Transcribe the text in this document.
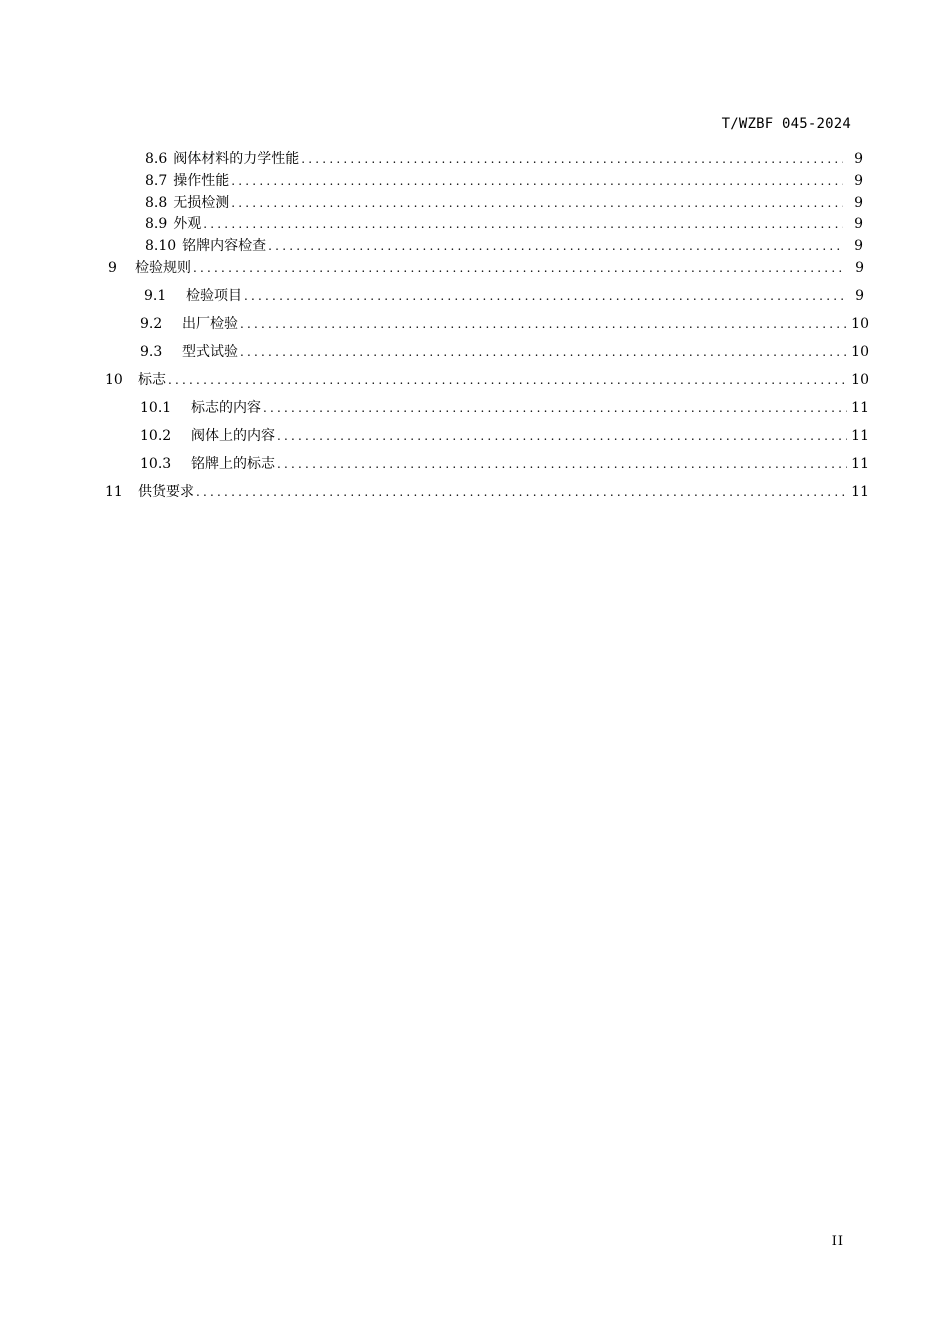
T/WZBF 045-2024
8.6 阀体材料的力学性能 .....	9
8.7 操作性能 .....	9
8.8 无损检测 .....	9
8.9 外观 .....	9
8.10 铭牌内容检查 .....	9
9	检验规则 .....	9
9.1	检验项目 .....	9
9.2	出厂检验 .....	10
9.3	型式试验 .....	10
10	标志 .....	10
10.1	标志的内容 .....	11
10.2	阀体上的内容 .....	11
10.3	铭牌上的标志 .....	11
11	供货要求 .....	11
II
